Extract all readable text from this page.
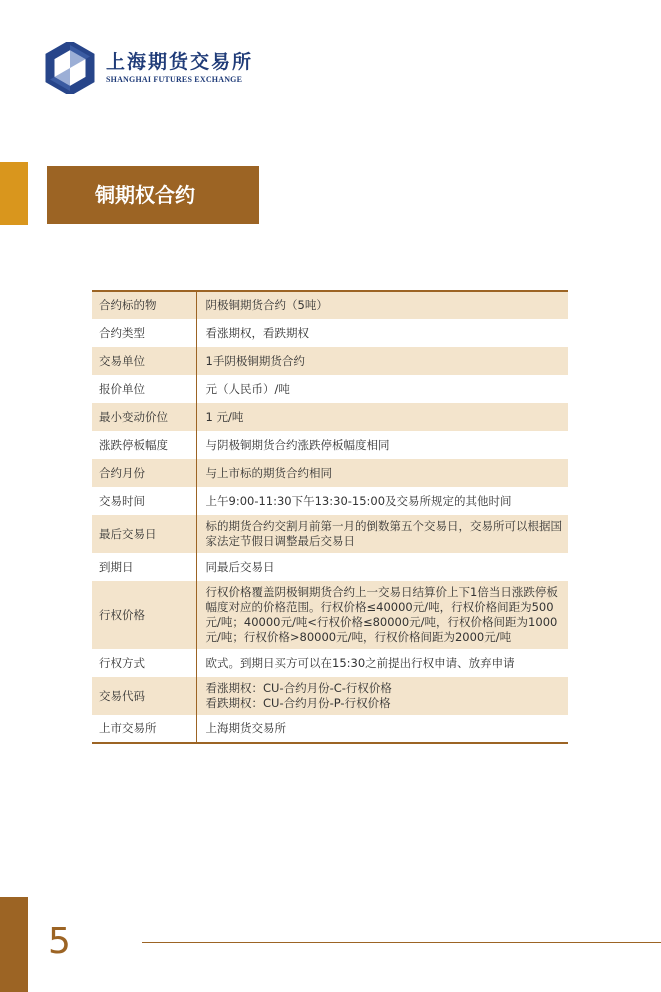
上海期货交易所
SHANGHAI FUTURES EXCHANGE
铜期权合约
合约标的物	阴极铜期货合约（5吨）
合约类型	看涨期权，看跌期权
交易单位	1手阴极铜期货合约
报价单位	元（人民币）/吨
最小变动价位	1 元/吨
涨跌停板幅度	与阴极铜期货合约涨跌停板幅度相同
合约月份	与上市标的期货合约相同
交易时间	上午9:00-11:30下午13:30-15:00及交易所规定的其他时间
最后交易日	标的期货合约交割月前第一月的倒数第五个交易日，交易所可以根据国家法定节假日调整最后交易日
到期日	同最后交易日
行权价格	行权价格覆盖阴极铜期货合约上一交易日结算价上下1倍当日涨跌停板幅度对应的价格范围。行权价格≤40000元/吨，行权价格间距为500元/吨；40000元/吨<行权价格≤80000元/吨，行权价格间距为1000元/吨；行权价格>80000元/吨，行权价格间距为2000元/吨
行权方式	欧式。到期日买方可以在15:30之前提出行权申请、放弃申请
交易代码	看涨期权：CU-合约月份-C-行权价格
看跌期权：CU-合约月份-P-行权价格

上市交易所	上海期货交易所
5
